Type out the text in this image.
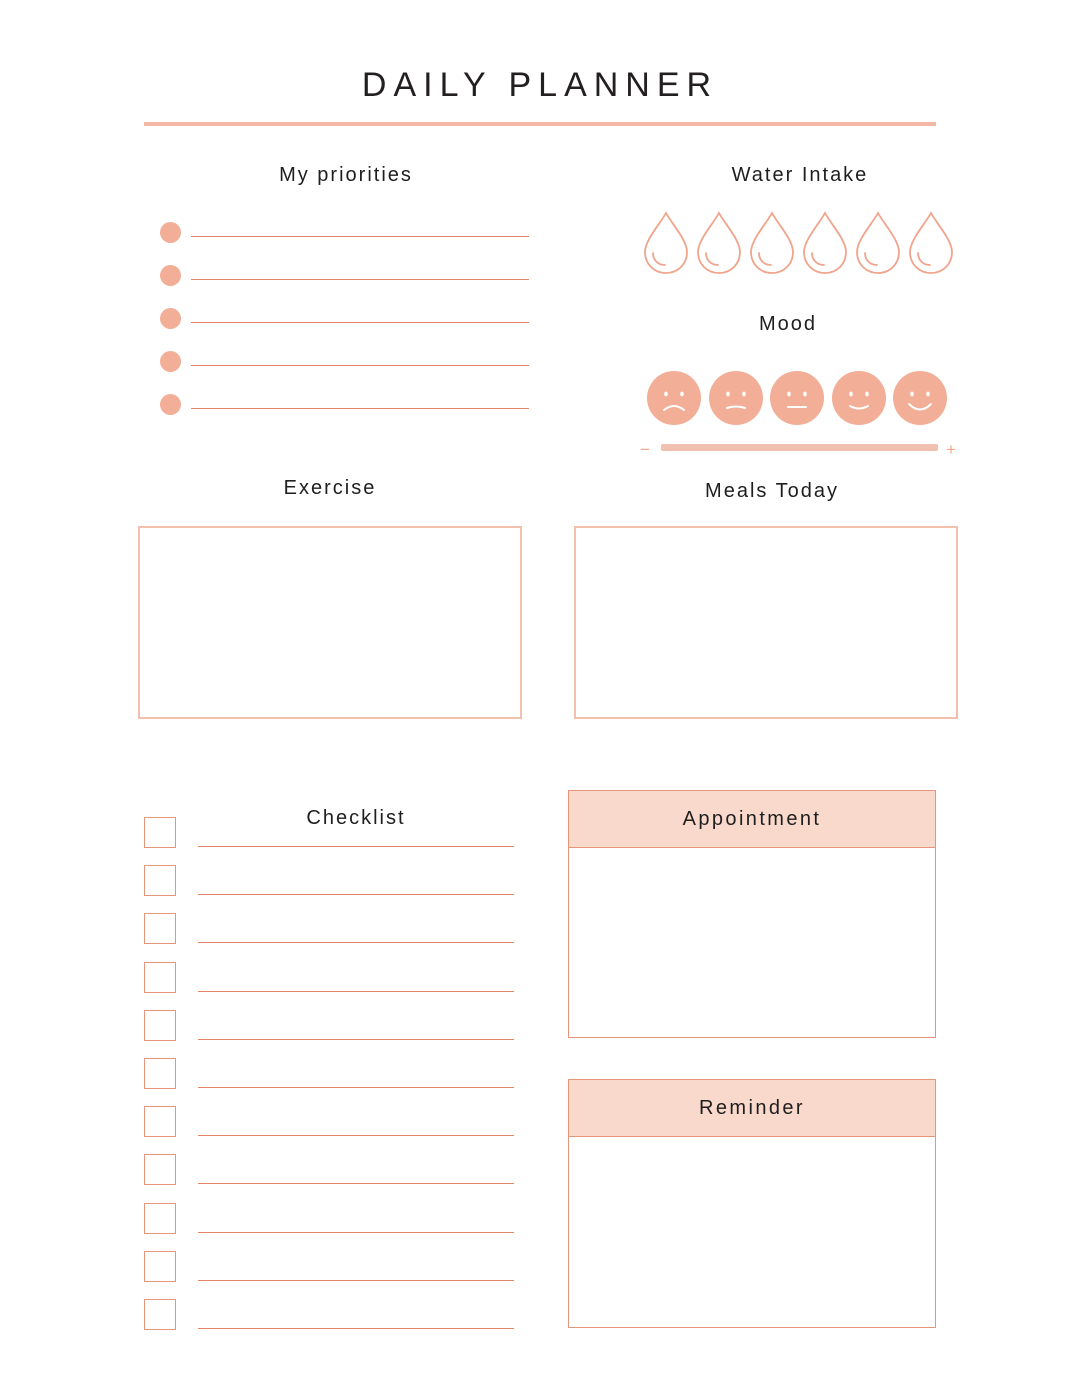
DAILY PLANNER
My priorities	Water Intake
Mood
−	+
Exercise	Meals Today
Checklist	Appointment
Reminder
